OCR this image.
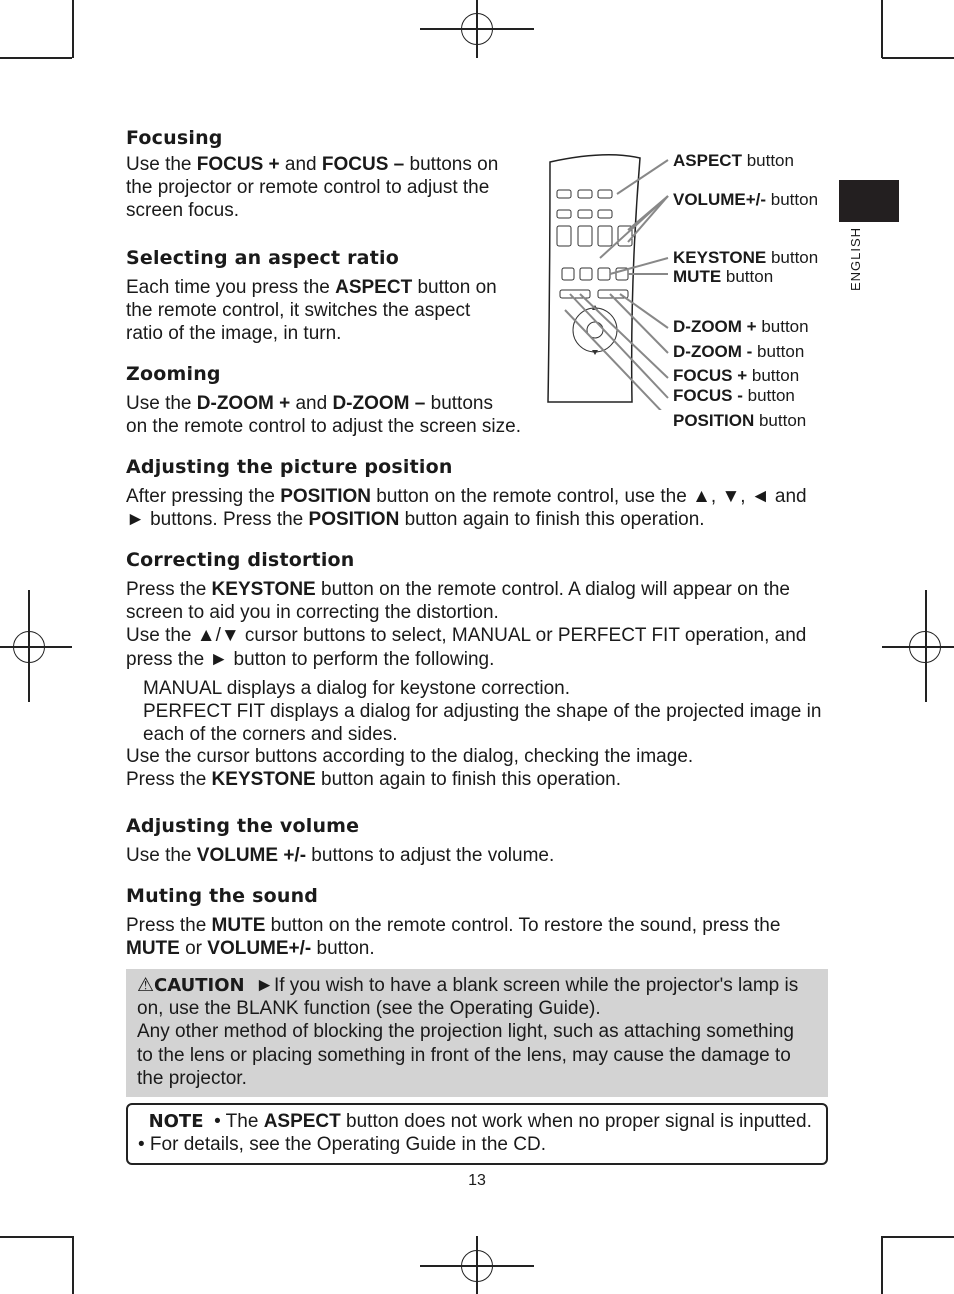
ENGLISH
Focusing
Use the FOCUS + and FOCUS – buttons on
the projector or remote control to adjust the
screen focus.
Selecting an aspect ratio
Each time you press the ASPECT button on
the remote control, it switches the aspect
ratio of the image, in turn.
Zooming
Use the D-ZOOM + and D-ZOOM – buttons
on the remote control to adjust the screen size.
Adjusting the picture position
After pressing the POSITION button on the remote control, use the ▲, ▼, ◄ and
► buttons. Press the POSITION button again to finish this operation.
Correcting distortion
Press the KEYSTONE button on the remote control. A dialog will appear on the
screen to aid you in correcting the distortion.
Use the ▲/▼ cursor buttons to select, MANUAL or PERFECT FIT operation, and
press the ► button to perform the following.
MANUAL displays a dialog for keystone correction.
PERFECT FIT displays a dialog for adjusting the shape of the projected image in
each of the corners and sides.
Use the cursor buttons according to the dialog, checking the image.
Press the KEYSTONE button again to finish this operation.
Adjusting the volume
Use the VOLUME +/- buttons to adjust the volume.
Muting the sound
Press the MUTE button on the remote control. To restore the sound, press the
MUTE or VOLUME+/- button.
⚠CAUTION ►If you wish to have a blank screen while the projector's lamp is
on, use the BLANK function (see the Operating Guide).
Any other method of blocking the projection light, such as attaching something
to the lens or placing something in front of the lens, may cause the damage to
the projector.
NOTE • The ASPECT button does not work when no proper signal is inputted.
• For details, see the Operating Guide in the CD.
13
ASPECT button
VOLUME+/- button
KEYSTONE button
MUTE button
D-ZOOM + button
D-ZOOM - button
FOCUS + button
FOCUS - button
POSITION button
